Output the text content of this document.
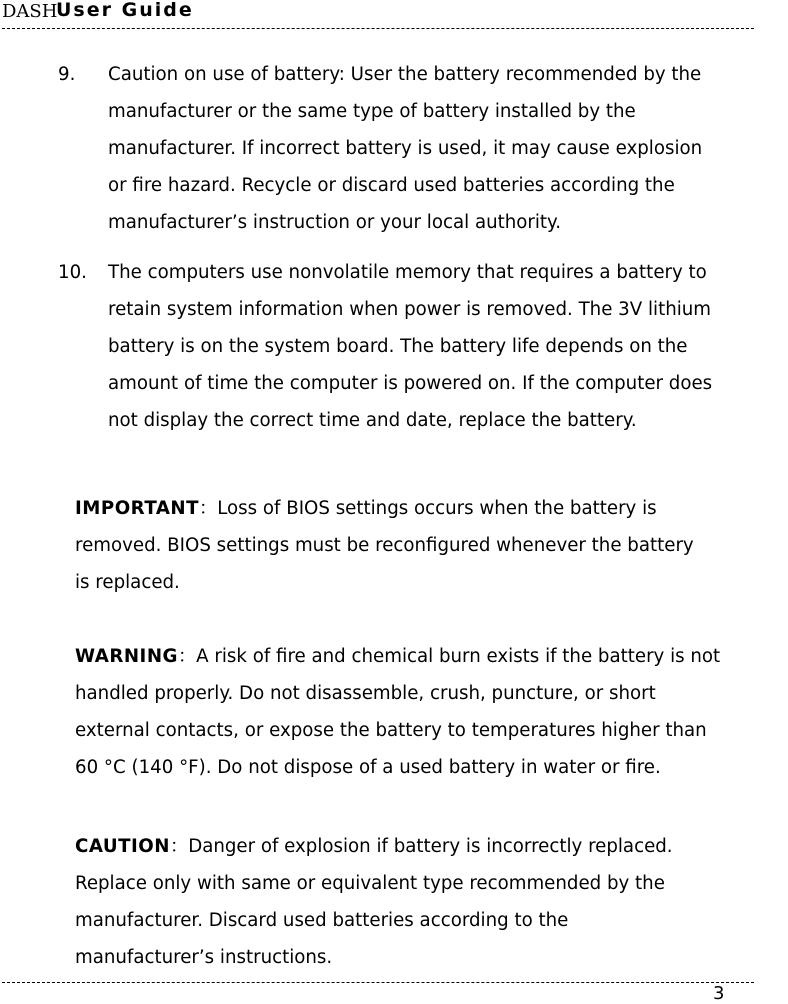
DASH
User Guide
9. Caution on use of battery: User the battery recommended by the
manufacturer or the same type of battery installed by the
manufacturer. If incorrect battery is used, it may cause explosion
or fire hazard. Recycle or discard used batteries according the
manufacturer’s instruction or your local authority.
10. The computers use nonvolatile memory that requires a battery to
retain system information when power is removed. The 3V lithium
battery is on the system board. The battery life depends on the
amount of time the computer is powered on. If the computer does
not display the correct time and date, replace the battery.
IMPORTANT：Loss of BIOS settings occurs when the battery is
removed. BIOS settings must be reconfigured whenever the battery
is replaced.
WARNING：A risk of fire and chemical burn exists if the battery is not
handled properly. Do not disassemble, crush, puncture, or short
external contacts, or expose the battery to temperatures higher than
60 °C (140 °F). Do not dispose of a used battery in water or fire.
CAUTION：Danger of explosion if battery is incorrectly replaced.
Replace only with same or equivalent type recommended by the
manufacturer. Discard used batteries according to the
manufacturer’s instructions.
3
